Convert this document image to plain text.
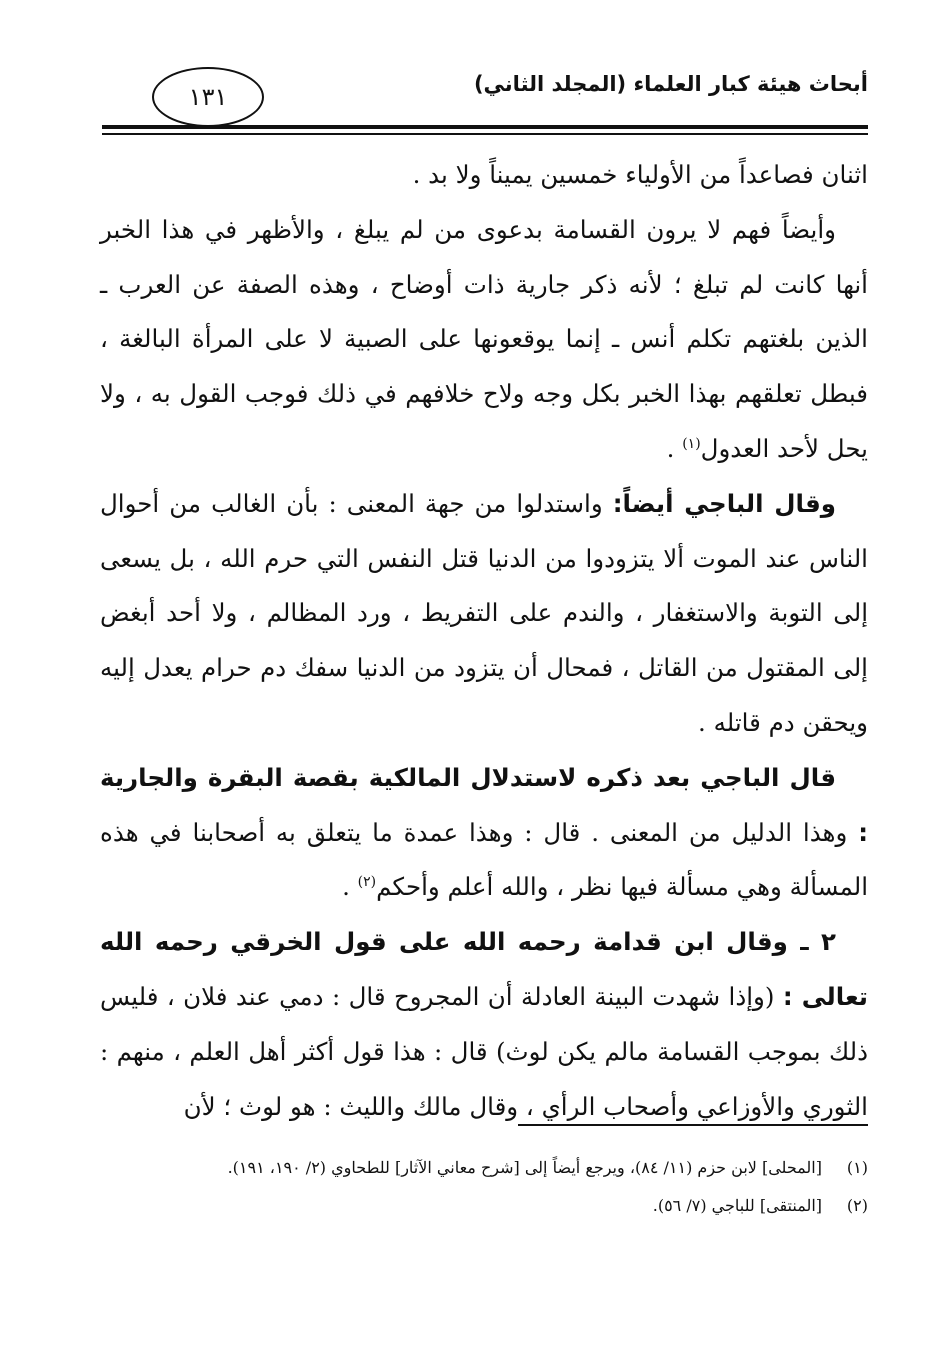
أبحاث هيئة كبار العلماء (المجلد الثاني)
١٣١

اثنان فصاعداً من الأولياء خمسين يميناً ولا بد .

وأيضاً فهم لا يرون القسامة بدعوى من لم يبلغ ، والأظهر في هذا الخبر أنها كانت لم تبلغ ؛ لأنه ذكر جارية ذات أوضاح ، وهذه الصفة عن العرب ـ الذين بلغتهم تكلم أنس ـ إنما يوقعونها على الصبية لا على المرأة البالغة ، فبطل تعلقهم بهذا الخبر بكل وجه ولاح خلافهم في ذلك فوجب القول به ، ولا يحل لأحد العدول$^{(١)}$ .

وقال الباجي أيضاً: واستدلوا من جهة المعنى : بأن الغالب من أحوال الناس عند الموت ألا يتزودوا من الدنيا قتل النفس التي حرم الله ، بل يسعى إلى التوبة والاستغفار ، والندم على التفريط ، ورد المظالم ، ولا أحد أبغض إلى المقتول من القاتل ، فمحال أن يتزود من الدنيا سفك دم حرام يعدل إليه ويحقن دم قاتله .

قال الباجي بعد ذكره لاستدلال المالكية بقصة البقرة والجارية : وهذا الدليل من المعنى . قال : وهذا عمدة ما يتعلق به أصحابنا في هذه المسألة وهي مسألة فيها نظر ، والله أعلم وأحكم$^{(٢)}$ .

٢ ـ وقال ابن قدامة رحمه الله على قول الخرقي رحمه الله تعالى : (وإذا شهدت البينة العادلة أن المجروح قال : دمي عند فلان ، فليس ذلك بموجب القسامة مالم يكن لوث) قال : هذا قول أكثر أهل العلم ، منهم : الثوري والأوزاعي وأصحاب الرأي ، وقال مالك والليث : هو لوث ؛ لأن

(١)[المحلى] لابن حزم (١١/ ٨٤)، ويرجع أيضاً إلى [شرح معاني الآثار] للطحاوي (٢/ ١٩٠، ١٩١).

(٢)[المنتقى] للباجي (٧/ ٥٦).
